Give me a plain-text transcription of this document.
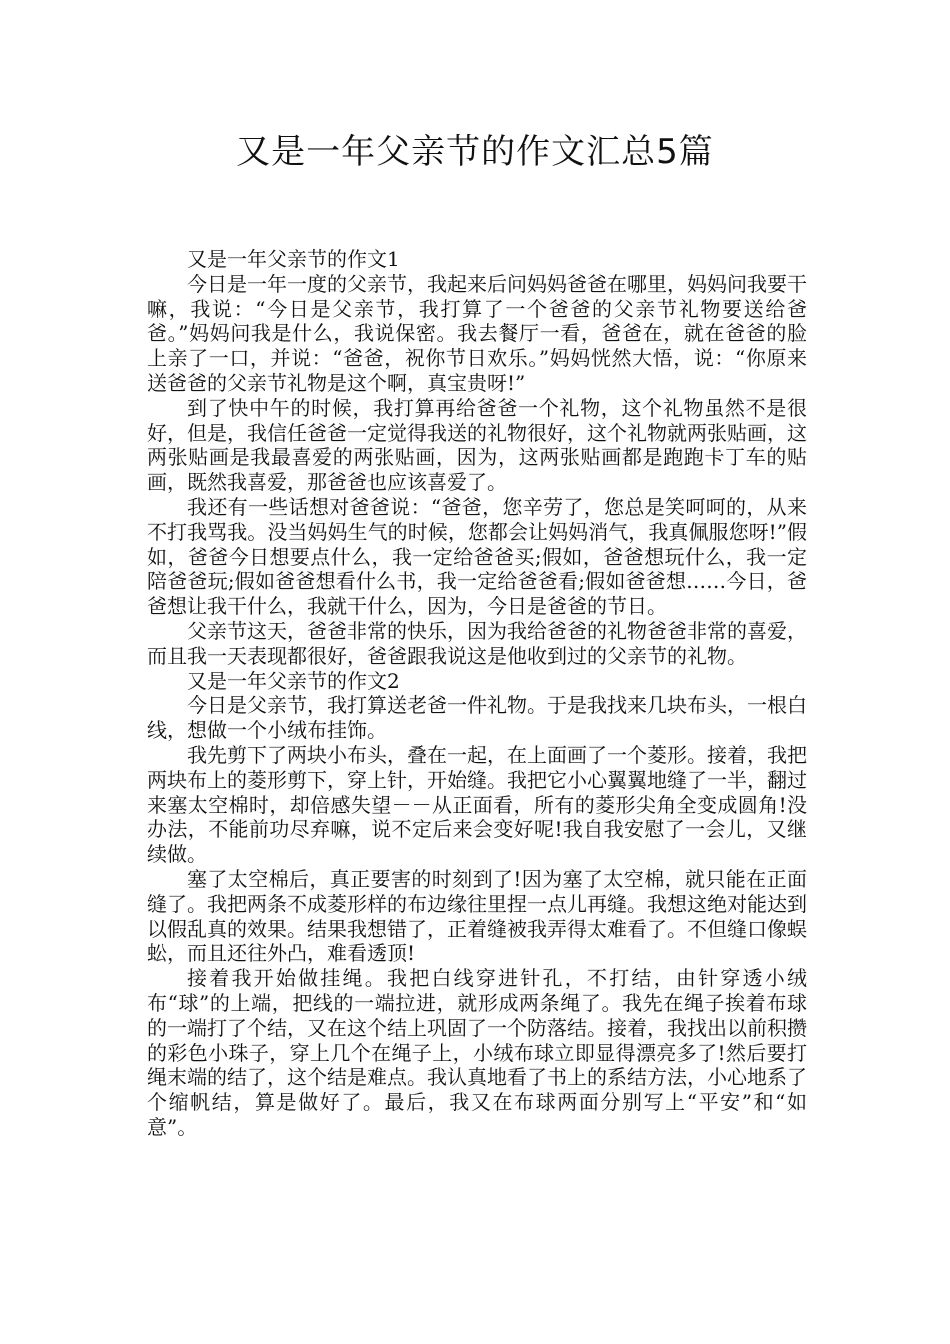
又是一年父亲节的作文汇总5篇

又是一年父亲节的作文1

今日是一年一度的父亲节，我起来后问妈妈爸爸在哪里，妈妈问我要干嘛，我说：“今日是父亲节，我打算了一个爸爸的父亲节礼物要送给爸爸。”妈妈问我是什么，我说保密。我去餐厅一看，爸爸在，就在爸爸的脸上亲了一口，并说：“爸爸，祝你节日欢乐。”妈妈恍然大悟，说：“你原来送爸爸的父亲节礼物是这个啊，真宝贵呀!”

到了快中午的时候，我打算再给爸爸一个礼物，这个礼物虽然不是很好，但是，我信任爸爸一定觉得我送的礼物很好，这个礼物就两张贴画，这两张贴画是我最喜爱的两张贴画，因为，这两张贴画都是跑跑卡丁车的贴画，既然我喜爱，那爸爸也应该喜爱了。

我还有一些话想对爸爸说：“爸爸，您辛劳了，您总是笑呵呵的，从来不打我骂我。没当妈妈生气的时候，您都会让妈妈消气，我真佩服您呀!”假如，爸爸今日想要点什么，我一定给爸爸买;假如，爸爸想玩什么，我一定陪爸爸玩;假如爸爸想看什么书，我一定给爸爸看;假如爸爸想……今日，爸爸想让我干什么，我就干什么，因为，今日是爸爸的节日。

父亲节这天，爸爸非常的快乐，因为我给爸爸的礼物爸爸非常的喜爱，而且我一天表现都很好，爸爸跟我说这是他收到过的父亲节的礼物。

又是一年父亲节的作文2

今日是父亲节，我打算送老爸一件礼物。于是我找来几块布头，一根白线，想做一个小绒布挂饰。

我先剪下了两块小布头，叠在一起，在上面画了一个菱形。接着，我把两块布上的菱形剪下，穿上针，开始缝。我把它小心翼翼地缝了一半，翻过来塞太空棉时，却倍感失望－－从正面看，所有的菱形尖角全变成圆角!没办法，不能前功尽弃嘛，说不定后来会变好呢!我自我安慰了一会儿，又继续做。

塞了太空棉后，真正要害的时刻到了!因为塞了太空棉，就只能在正面缝了。我把两条不成菱形样的布边缘往里捏一点儿再缝。我想这绝对能达到以假乱真的效果。结果我想错了，正着缝被我弄得太难看了。不但缝口像蜈蚣，而且还往外凸，难看透顶!

接着我开始做挂绳。我把白线穿进针孔，不打结，由针穿透小绒布“球”的上端，把线的一端拉进，就形成两条绳了。我先在绳子挨着布球的一端打了个结，又在这个结上巩固了一个防落结。接着，我找出以前积攒的彩色小珠子，穿上几个在绳子上，小绒布球立即显得漂亮多了!然后要打绳末端的结了，这个结是难点。我认真地看了书上的系结方法，小心地系了个缩帆结，算是做好了。最后，我又在布球两面分别写上“平安”和“如意”。
